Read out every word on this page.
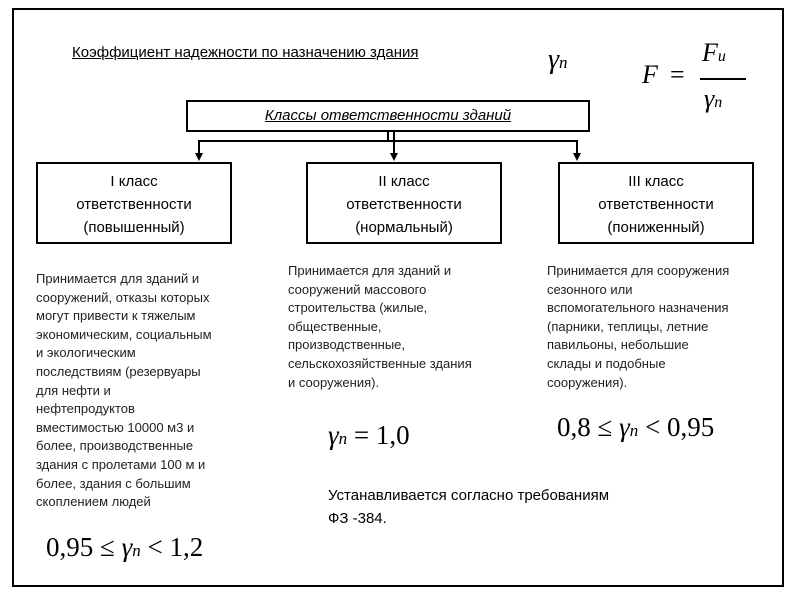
Коэффициент надежности по назначению здания	γn	F =
Fu
γn
Классы ответственности зданий
I класс
ответственности
(повышенный)
II класс
ответственности
(нормальный)
III класс
ответственности
(пониженный)
Принимается для зданий и
сооружений, отказы которых
могут привести к тяжелым
экономическим, социальным
и экологическим
последствиям (резервуары
для нефти и
нефтепродуктов
вместимостью 10000 м3 и
более, производственные
здания с пролетами 100 м и
более, здания с большим
скоплением людей
Принимается для зданий и
сооружений массового
строительства (жилые,
общественные,
производственные,
сельскохозяйственные здания
и сооружения).
Принимается для сооружения
сезонного или
вспомогательного назначения
(парники, теплицы, летние
павильоны, небольшие
склады и подобные
сооружения).
0,95 ≤ γn < 1,2
γn = 1,0	0,8 ≤ γn < 0,95
Устанавливается согласно требованиям
ФЗ -384.
